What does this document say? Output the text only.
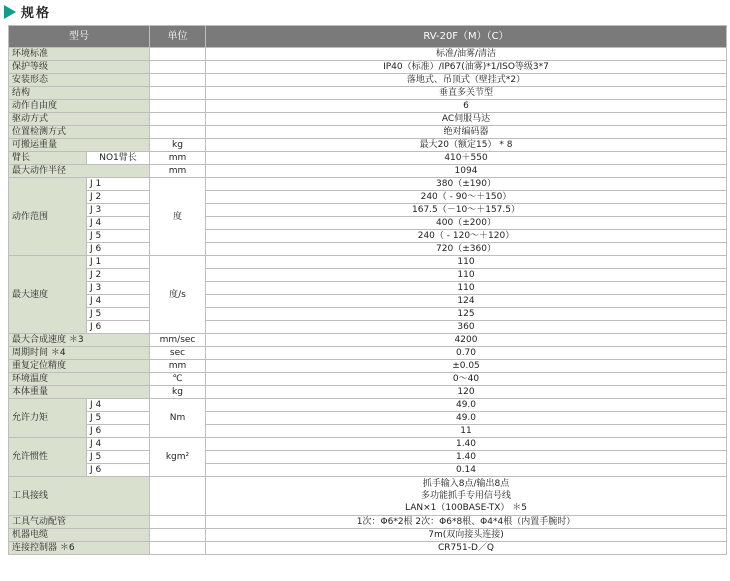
规格
型号		单位	RV-20F（M）（C）
环境标准			标准/油雾/清洁
保护等级			IP40（标准）/IP67(油雾)*1/ISO等级3*7
安装形态			落地式、吊顶式（壁挂式*2）
结构			垂直多关节型
动作自由度			6
驱动方式			AC伺服马达
位置检测方式			绝对编码器
可搬运重量		kg	最大20（额定15） * 8
臂长	NO1臂长	mm	410＋550
最大动作半径		mm	1094
动作范围	J 1	度	380（±190）
	J 2		240（ - 90～＋150）
	J 3		167.5（－10～＋157.5）
	J 4		400（±200）
	J 5		240（ - 120～＋120）
	J 6		720（±360）
最大速度	J 1	度/s	110
	J 2		110
	J 3		110
	J 4		124
	J 5		125
	J 6		360
最大合成速度 ＊3		mm/sec	4200
周期时间 ＊4		sec	0.70
重复定位精度		mm	±0.05
环境温度		℃	0～40
本体重量		kg	120
允许力矩	J 4	Nm	49.0
	J 5		49.0
	J 6		11
允许惯性	J 4	kgm²	1.40
	J 5		1.40
	J 6		0.14
工具接线			抓手输入8点/输出8点
多功能抓手专用信号线
LAN×1（100BASE-TX） ＊5

工具气动配管			1次：Φ6*2根 2次：Φ6*8根、Φ4*4根（内置手腕时）
机器电缆			7m(双向接头连接)
连接控制器 ＊6			CR751-D／Q
